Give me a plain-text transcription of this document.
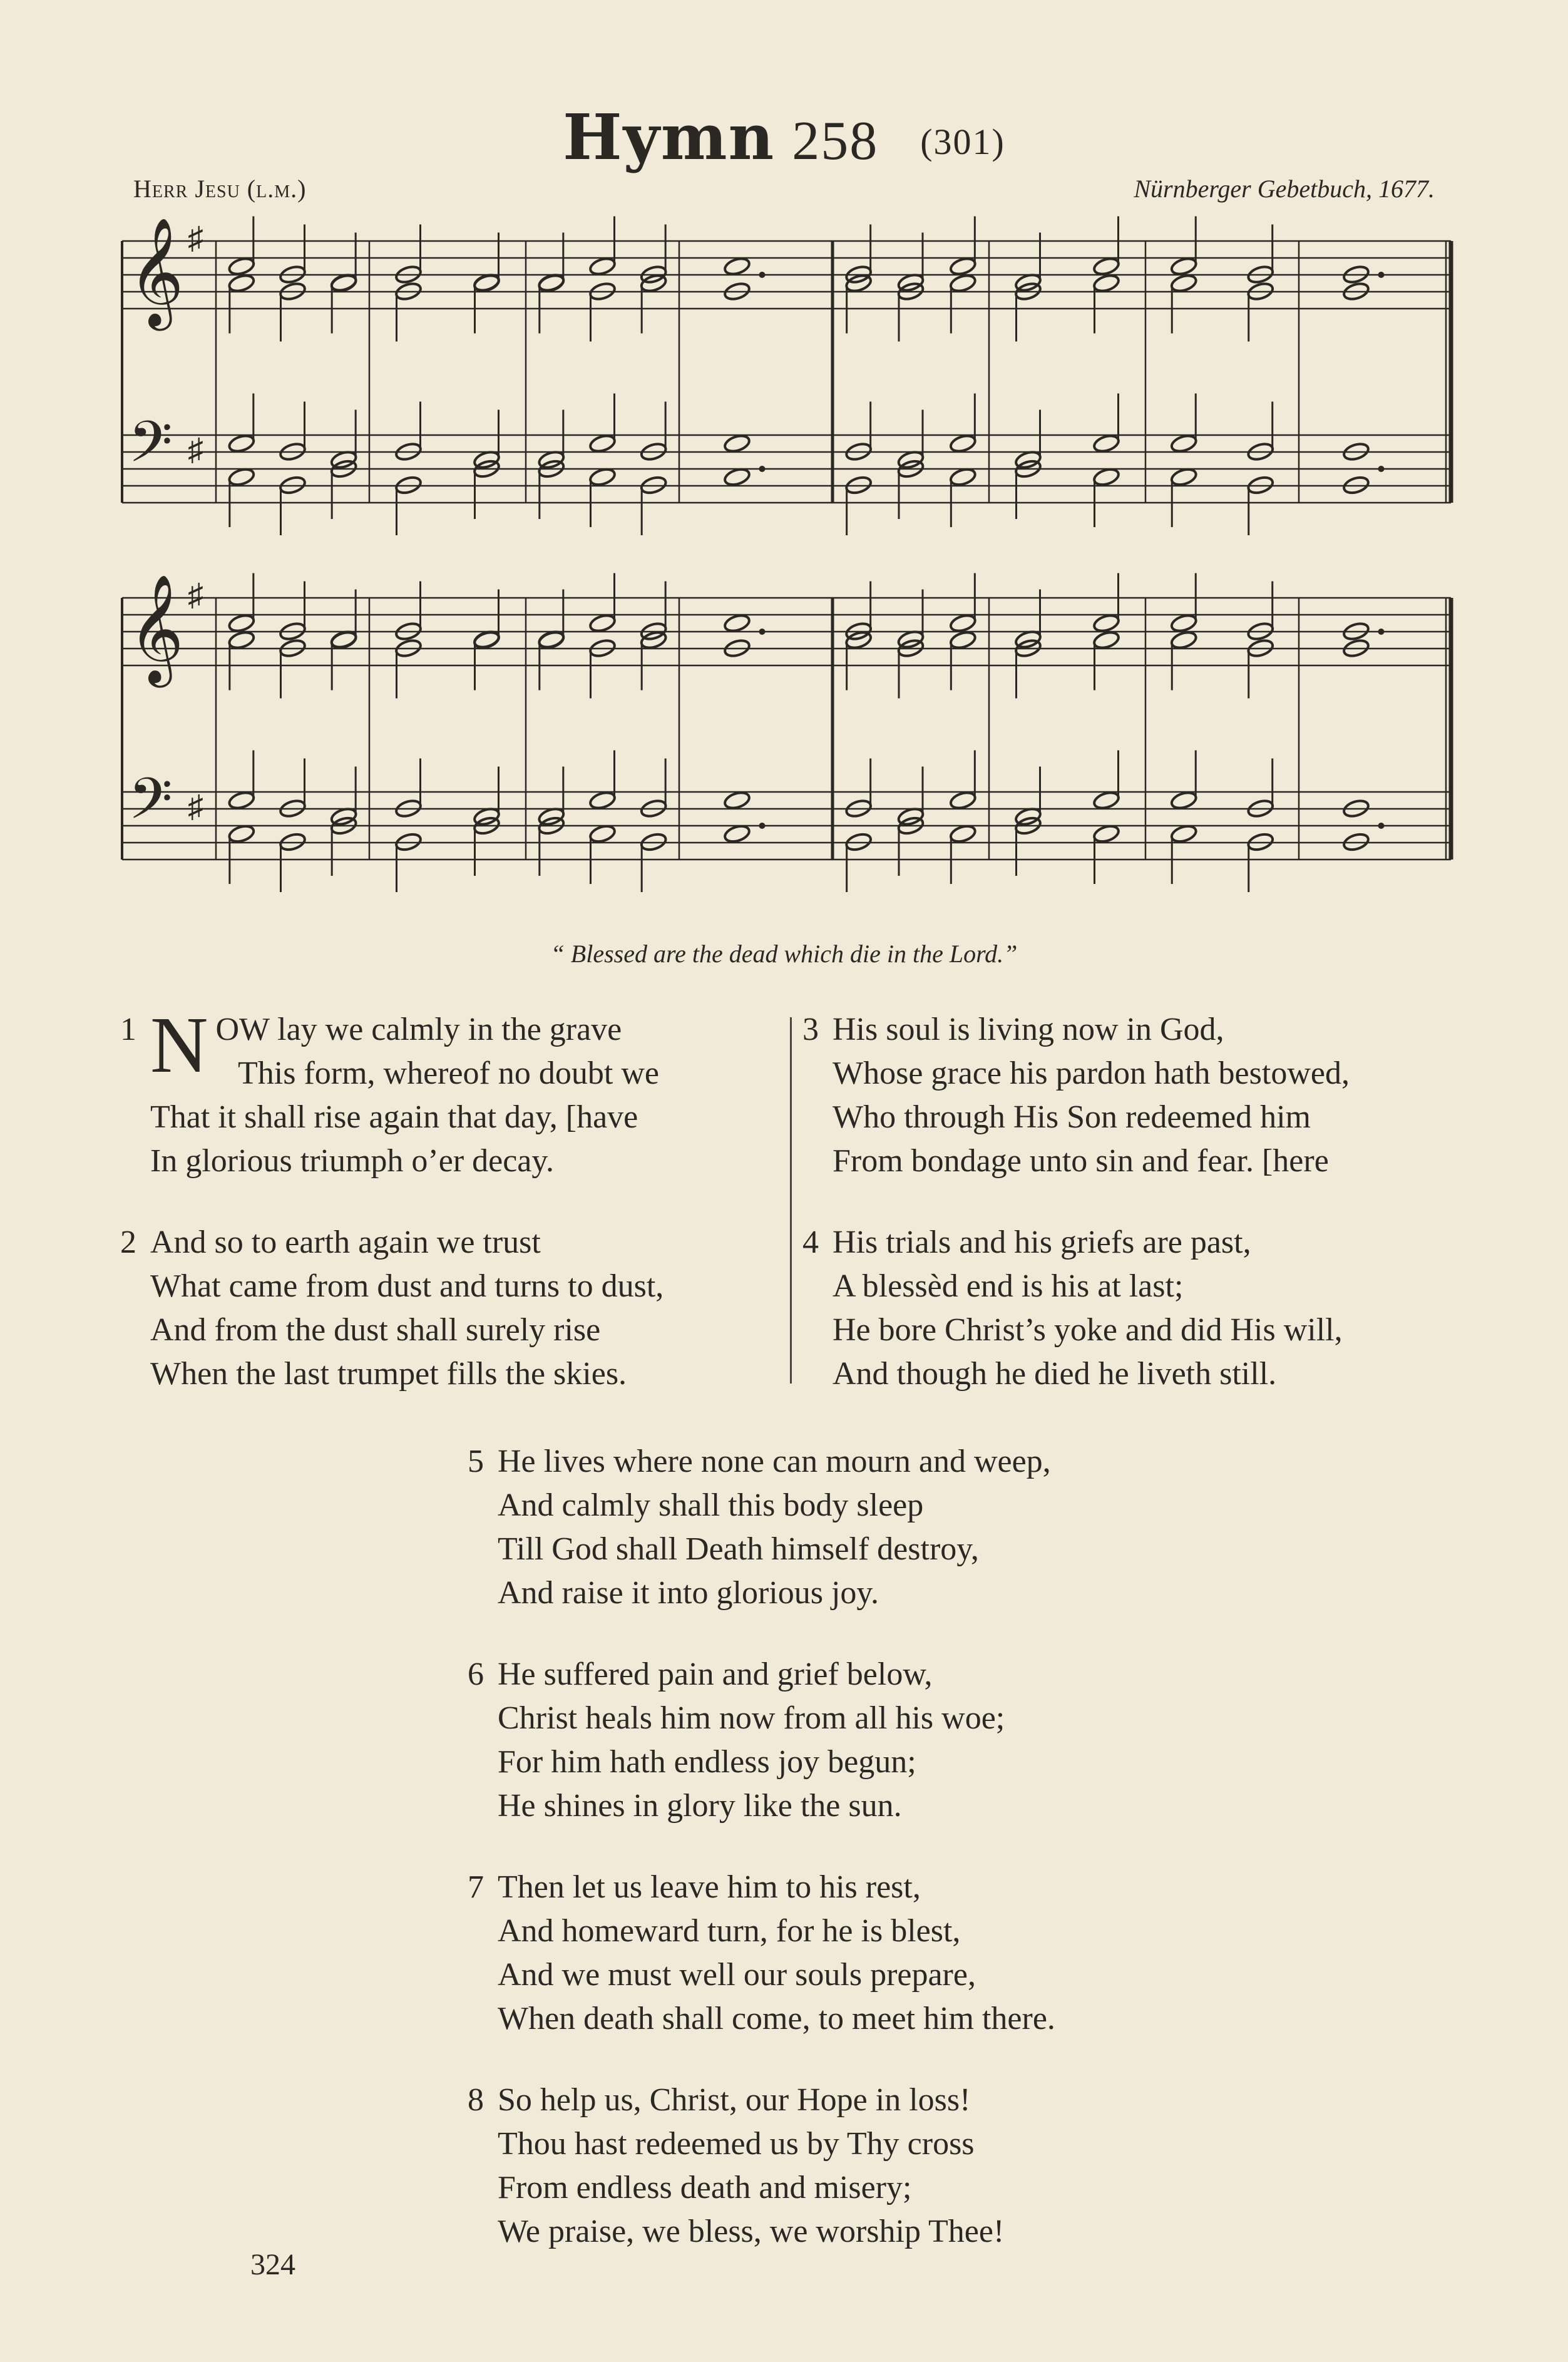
Hymn 258 (301)
Herr Jesu (l.m.)	Nürnberger Gebetbuch, 1677.
𝄞
𝄢
♯
♯
𝄞
𝄢
♯
♯
“ Blessed are the dead which die in the Lord.”
1 NOW lay we calmly in the grave
This form, whereof no doubt we
That it shall rise again that day, [have
In glorious triumph o’er decay.
2 And so to earth again we trust
What came from dust and turns to dust,
And from the dust shall surely rise
When the last trumpet fills the skies.
3 His soul is living now in God,
Whose grace his pardon hath bestowed,
Who through His Son redeemed him
From bondage unto sin and fear. [here
4 His trials and his griefs are past,
A blessèd end is his at last;
He bore Christ’s yoke and did His will,
And though he died he liveth still.
5 He lives where none can mourn and weep,
And calmly shall this body sleep
Till God shall Death himself destroy,
And raise it into glorious joy.
6 He suffered pain and grief below,
Christ heals him now from all his woe;
For him hath endless joy begun;
He shines in glory like the sun.
7 Then let us leave him to his rest,
And homeward turn, for he is blest,
And we must well our souls prepare,
When death shall come, to meet him there.
8 So help us, Christ, our Hope in loss!
Thou hast redeemed us by Thy cross
From endless death and misery;
We praise, we bless, we worship Thee!
324
